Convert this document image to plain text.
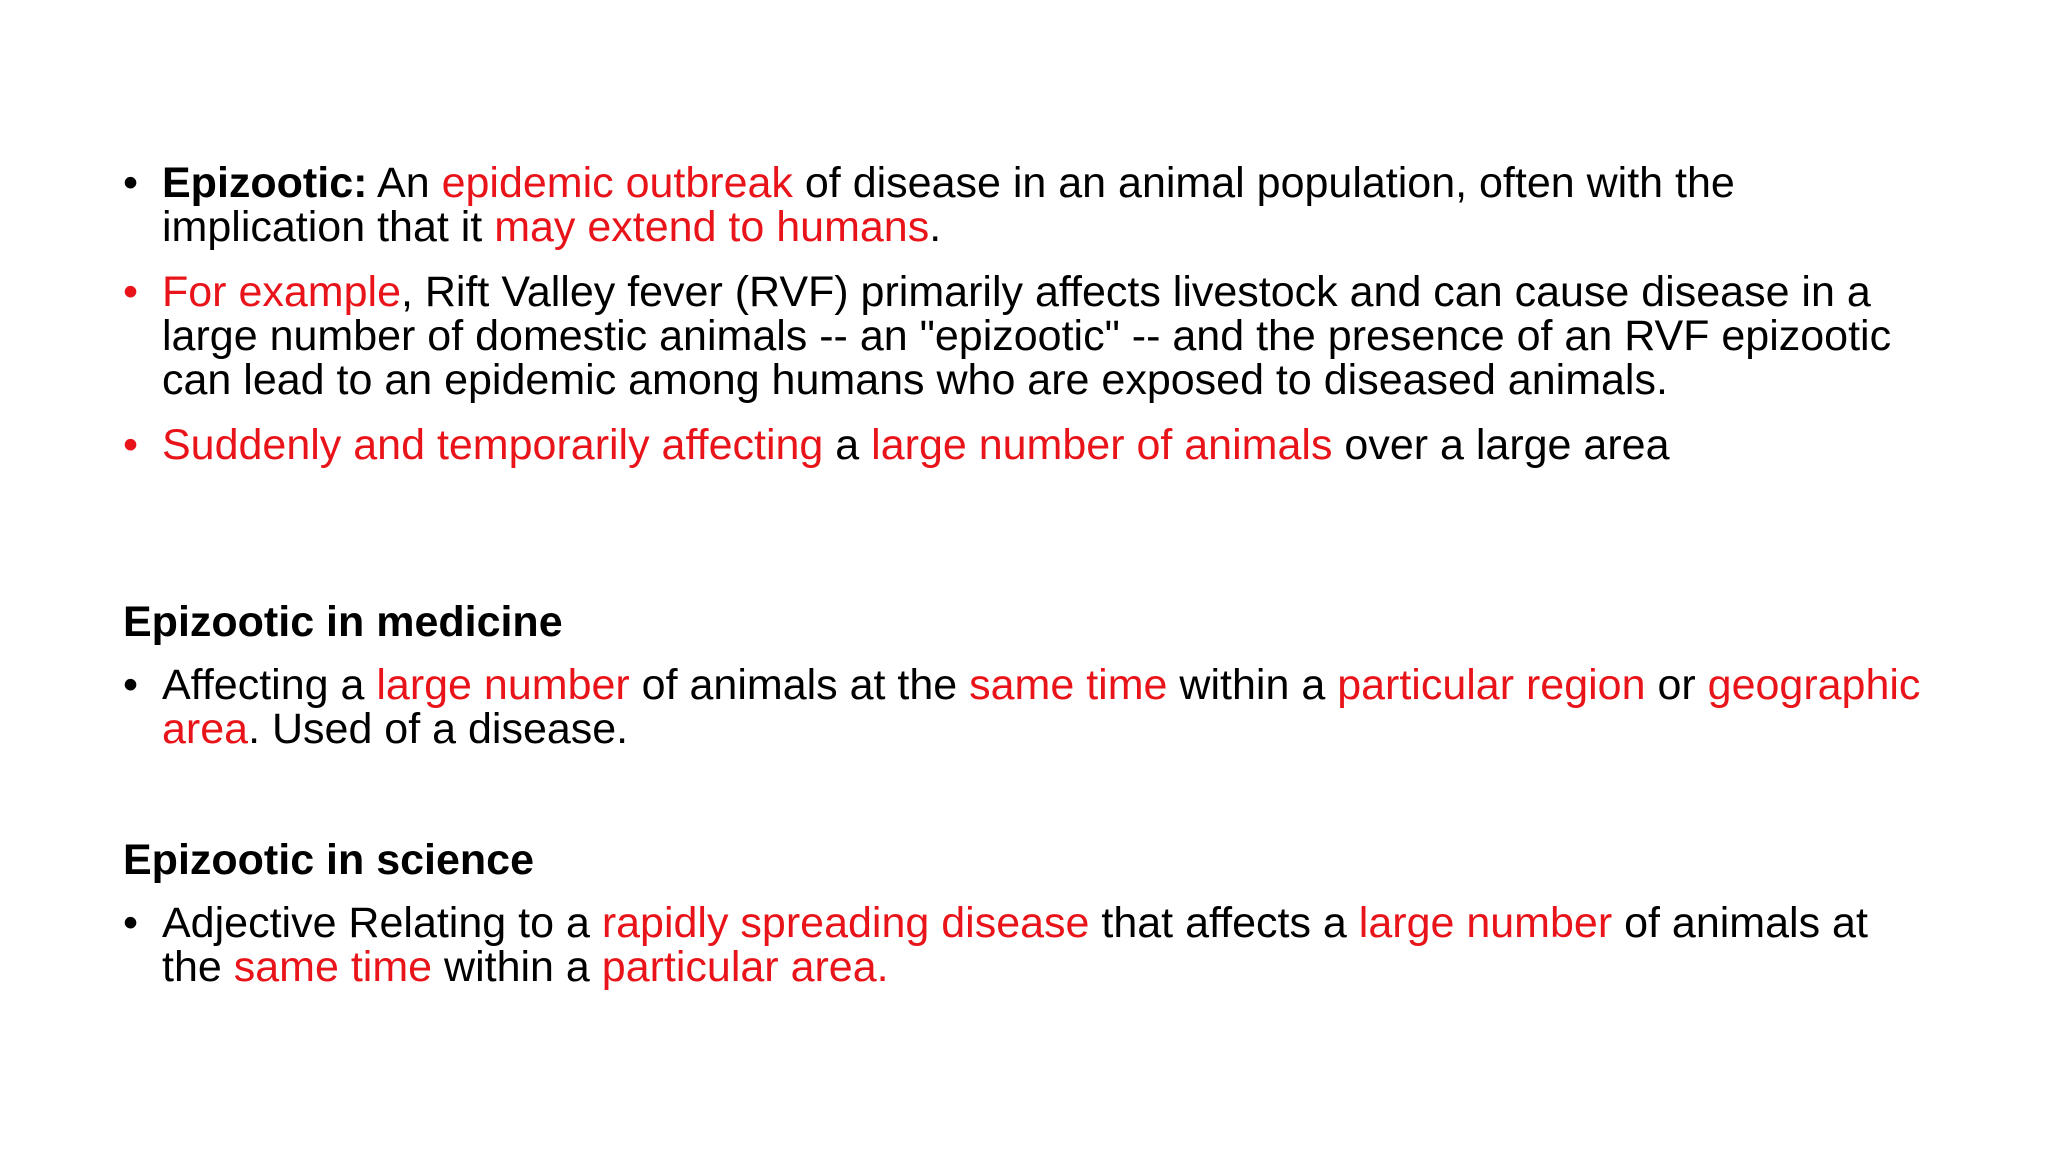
• Epizootic: An epidemic outbreak of disease in an animal population, often with the implication that it may extend to humans.
• For example, Rift Valley fever (RVF) primarily affects livestock and can cause disease in a large number of domestic animals -- an "epizootic" -- and the presence of an RVF epizootic can lead to an epidemic among humans who are exposed to diseased animals.
• Suddenly and temporarily affecting a large number of animals over a large area
Epizootic in medicine
• Affecting a large number of animals at the same time within a particular region or geographic area. Used of a disease.
Epizootic in science
• Adjective Relating to a rapidly spreading disease that affects a large number of animals at the same time within a particular area.
